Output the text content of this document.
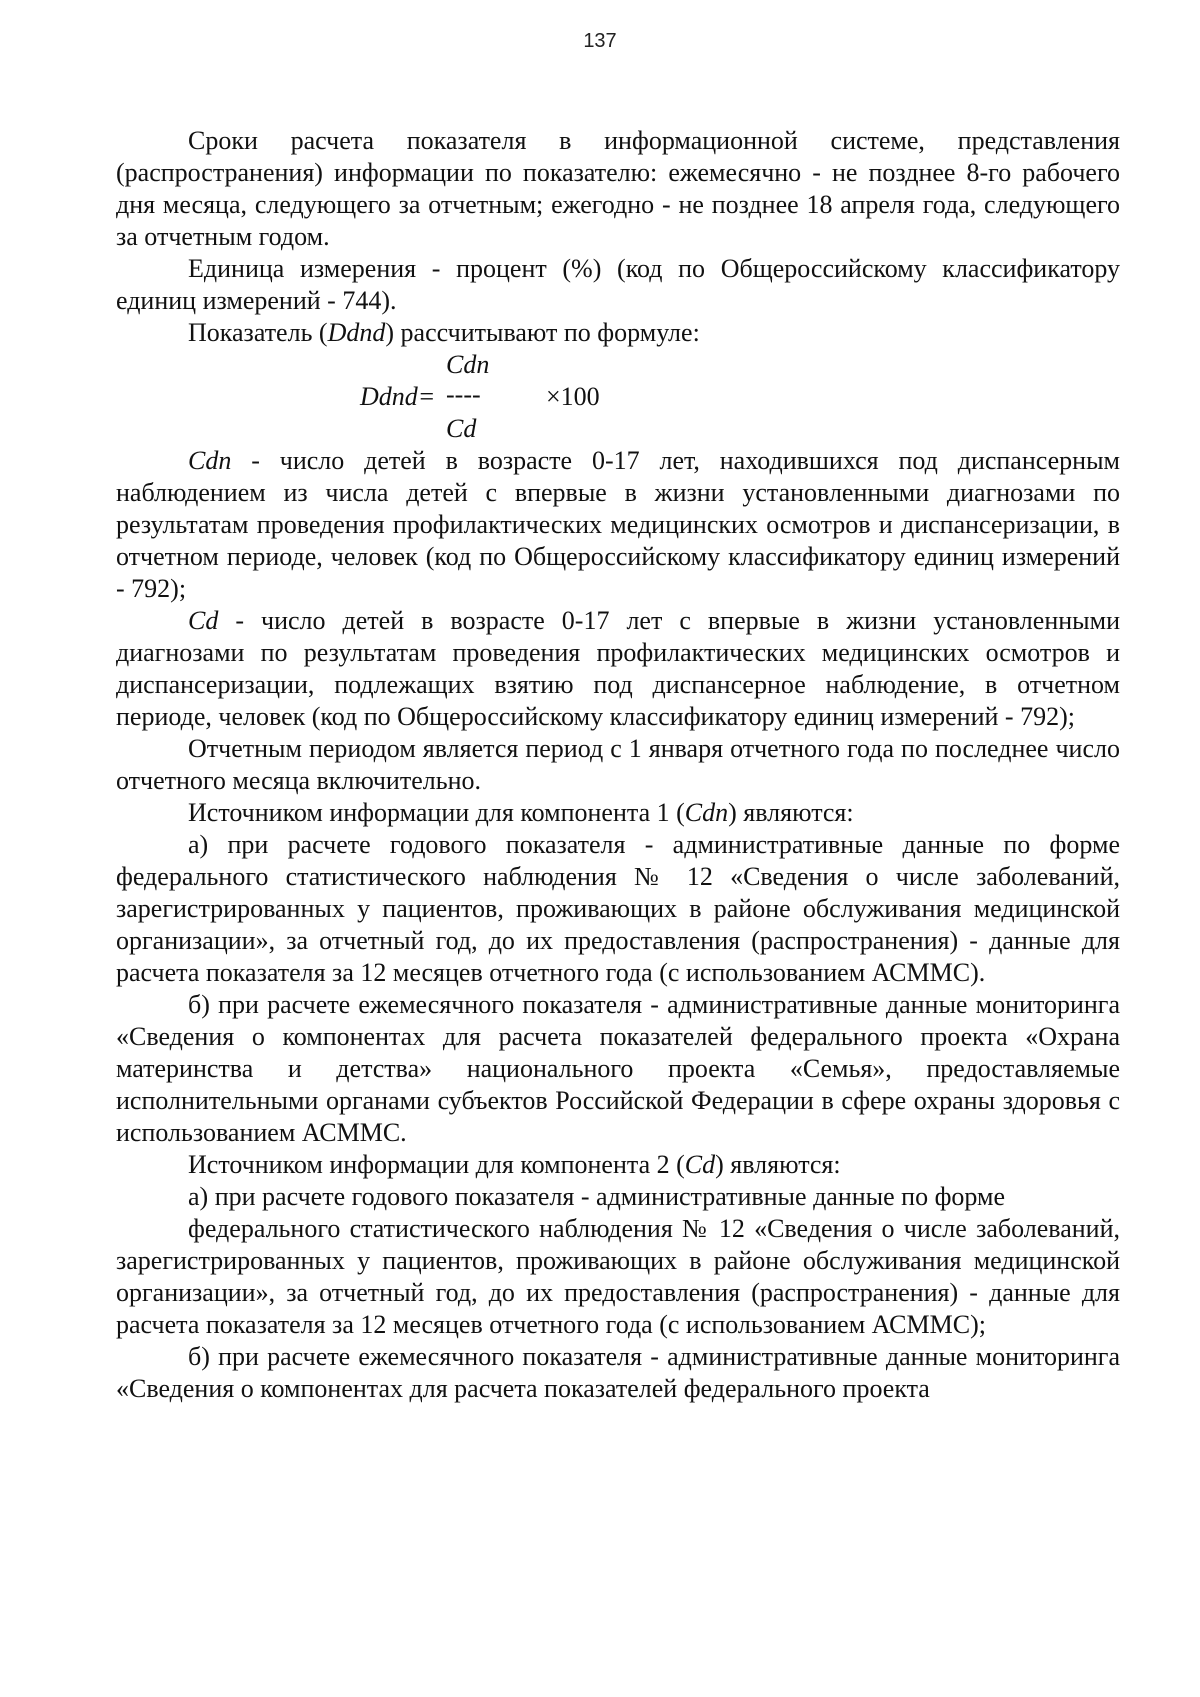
137

Сроки расчета показателя в информационной системе, представления (распространения) информации по показателю: ежемесячно - не позднее 8-го рабочего дня месяца, следующего за отчетным; ежегодно - не позднее 18 апреля года, следующего за отчетным годом.

Единица измерения - процент (%) (код по Общероссийскому классификатору единиц измерений - 744).

Показатель (Ddnd) рассчитывают по формуле:

Cdn
Ddnd= ----	×100
Cd

Cdn - число детей в возрасте 0-17 лет, находившихся под диспансерным наблюдением из числа детей с впервые в жизни установленными диагнозами по результатам проведения профилактических медицинских осмотров и диспансеризации, в отчетном периоде, человек (код по Общероссийскому классификатору единиц измерений - 792);

Cd - число детей в возрасте 0-17 лет с впервые в жизни установленными диагнозами по результатам проведения профилактических медицинских осмотров и диспансеризации, подлежащих взятию под диспансерное наблюдение, в отчетном периоде, человек (код по Общероссийскому классификатору единиц измерений - 792);

Отчетным периодом является период с 1 января отчетного года по последнее число отчетного месяца включительно.

Источником информации для компонента 1 (Cdn) являются:

а) при расчете годового показателя - административные данные по форме федерального статистического наблюдения № 12 «Сведения о числе заболеваний, зарегистрированных у пациентов, проживающих в районе обслуживания медицинской организации», за отчетный год, до их предоставления (распространения) - данные для расчета показателя за 12 месяцев отчетного года (с использованием АСММС).

б) при расчете ежемесячного показателя - административные данные мониторинга «Сведения о компонентах для расчета показателей федерального проекта «Охрана материнства и детства» национального проекта «Семья», предоставляемые исполнительными органами субъектов Российской Федерации в сфере охраны здоровья с использованием АСММС.

Источником информации для компонента 2 (Cd) являются:

а) при расчете годового показателя - административные данные по форме

федерального статистического наблюдения № 12 «Сведения о числе заболеваний, зарегистрированных у пациентов, проживающих в районе обслуживания медицинской организации», за отчетный год, до их предоставления (распространения) - данные для расчета показателя за 12 месяцев отчетного года (с использованием АСММС);

б) при расчете ежемесячного показателя - административные данные мониторинга «Сведения о компонентах для расчета показателей федерального проекта
